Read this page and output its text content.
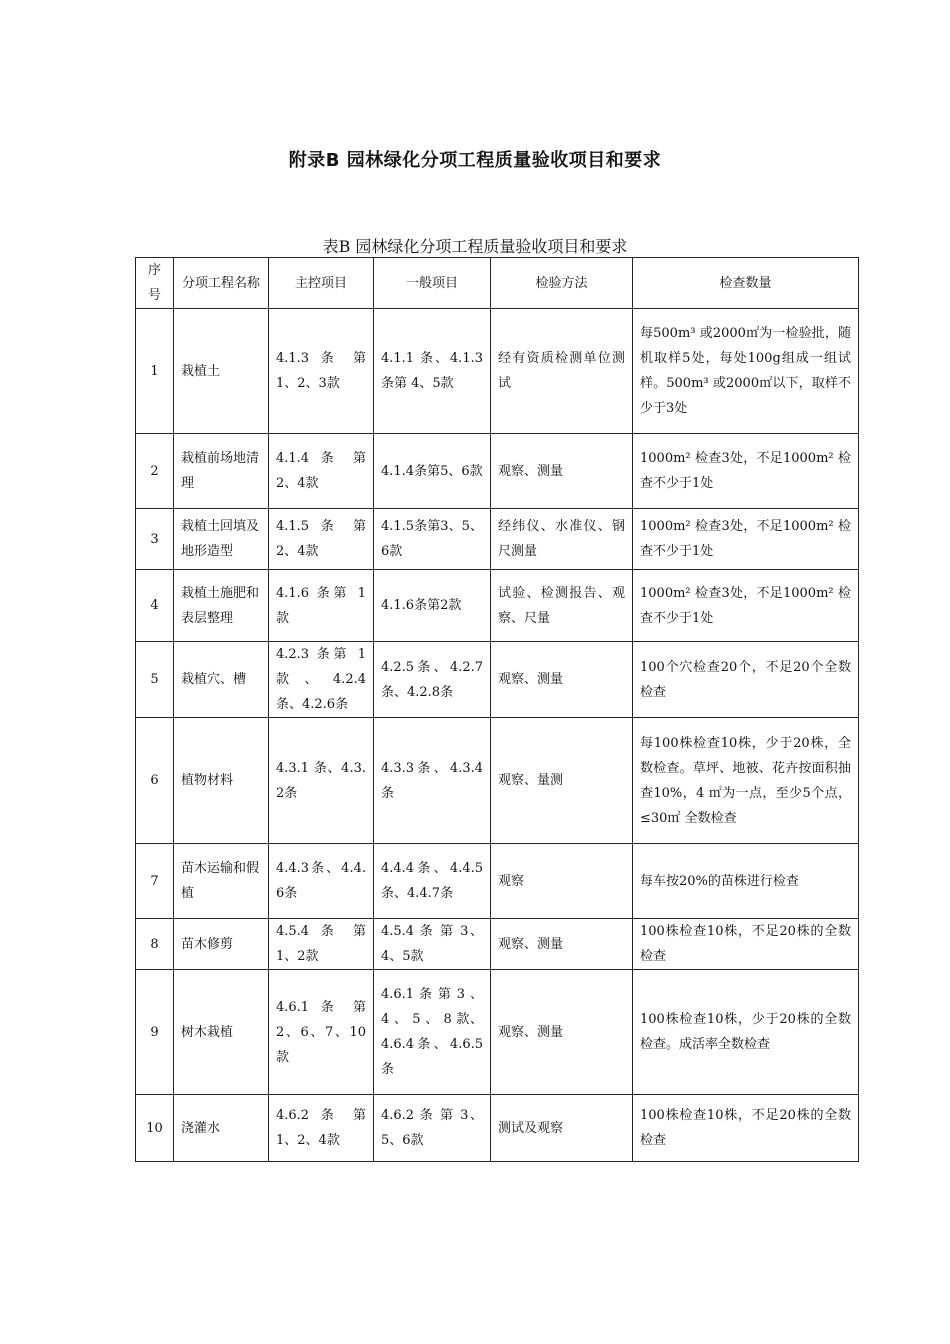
附录B 园林绿化分项工程质量验收项目和要求
表B 园林绿化分项工程质量验收项目和要求
序号	分项工程名称	主控项目	一般项目	检验方法	检查数量
1	栽植土	4.1.3 条 第 1、2、3款	4.1.1 条、4.1.3条第 4、5款	经有资质检测单位测试	每500m³ 或2000㎡为一检验批，随机取样5处，每处100g组成一组试样。500m³ 或2000㎡以下，取样不少于3处
2	栽植前场地清理	4.1.4 条 第 2、4款	4.1.4条第5、6款	观察、测量	1000m² 检查3处，不足1000m² 检查不少于1处
3	栽植土回填及地形造型	4.1.5 条 第 2、4款	4.1.5条第3、5、6款	经纬仪、水准仪、钢尺测量	1000m² 检查3处，不足1000m² 检查不少于1处
4	栽植土施肥和表层整理	4.1.6 条第 1 款	4.1.6条第2款	试验、检测报告、观察、尺量	1000m² 检查3处，不足1000m² 检查不少于1处
5	栽植穴、槽	4.2.3 条第 1 款 、 4.2.4 条、4.2.6条	4.2.5条、4.2.7条、4.2.8条	观察、测量	100个穴检查20个，不足20个全数检查
6	植物材料	4.3.1 条、4.3.2条	4.3.3条、4.3.4条	观察、量测	每100株检查10株，少于20株，全数检查。草坪、地被、花卉按面积抽查10%，4 ㎡为一点，至少5个点，≤30㎡ 全数检查
7	苗木运输和假植	4.4.3条、4.4.6条	4.4.4条、4.4.5条、4.4.7条	观察	每车按20%的苗株进行检查
8	苗木修剪	4.5.4 条 第 1、2款	4.5.4 条 第 3、4、5款	观察、测量	100株检查10株，不足20株的全数检查
9	树木栽植	4.6.1 条 第 2、6、7、10款	4.6.1 条 第 3 、 4 、 5 、 8 款、4.6.4条、4.6.5条	观察、测量	100株检查10株，少于20株的全数检查。成活率全数检查
10	浇灌水	4.6.2 条 第 1、2、4款	4.6.2 条 第 3、5、6款	测试及观察	100株检查10株，不足20株的全数检查
